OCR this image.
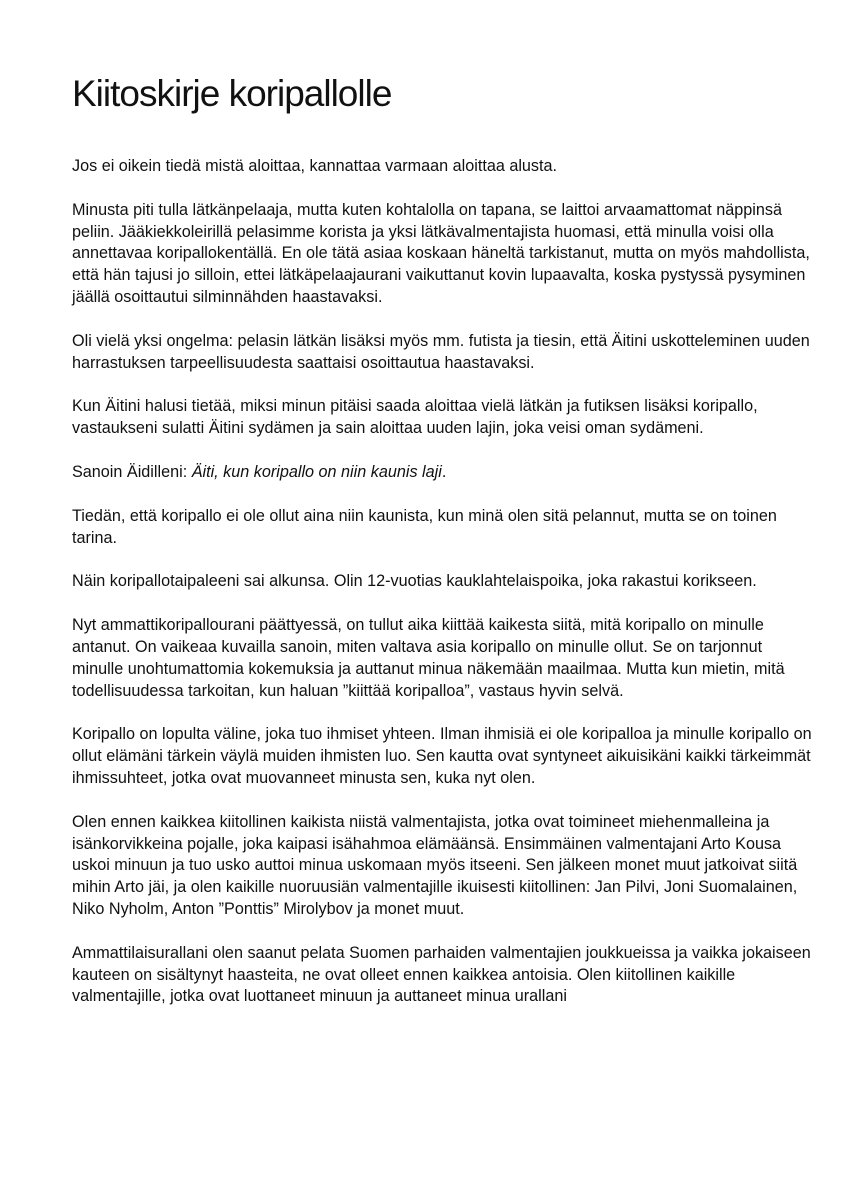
Kiitoskirje koripallolle

Jos ei oikein tiedä mistä aloittaa, kannattaa varmaan aloittaa alusta.

Minusta piti tulla lätkänpelaaja, mutta kuten kohtalolla on tapana, se laittoi arvaamattomat näppinsä peliin. Jääkiekkoleirillä pelasimme korista ja yksi lätkävalmentajista huomasi, että minulla voisi olla annettavaa koripallokentällä. En ole tätä asiaa koskaan häneltä tarkistanut, mutta on myös mahdollista, että hän tajusi jo silloin, ettei lätkäpelaajaurani vaikuttanut kovin lupaavalta, koska pystyssä pysyminen jäällä osoittautui silminnähden haastavaksi.

Oli vielä yksi ongelma: pelasin lätkän lisäksi myös mm. futista ja tiesin, että Äitini uskotteleminen uuden harrastuksen tarpeellisuudesta saattaisi osoittautua haastavaksi.

Kun Äitini halusi tietää, miksi minun pitäisi saada aloittaa vielä lätkän ja futiksen lisäksi koripallo, vastaukseni sulatti Äitini sydämen ja sain aloittaa uuden lajin, joka veisi oman sydämeni.

Sanoin Äidilleni: Äiti, kun koripallo on niin kaunis laji.

Tiedän, että koripallo ei ole ollut aina niin kaunista, kun minä olen sitä pelannut, mutta se on toinen tarina.

Näin koripallotaipaleeni sai alkunsa. Olin 12-vuotias kauklahtelaispoika, joka rakastui korikseen.

Nyt ammattikoripallourani päättyessä, on tullut aika kiittää kaikesta siitä, mitä koripallo on minulle antanut. On vaikeaa kuvailla sanoin, miten valtava asia koripallo on minulle ollut. Se on tarjonnut minulle unohtumattomia kokemuksia ja auttanut minua näkemään maailmaa. Mutta kun mietin, mitä todellisuudessa tarkoitan, kun haluan ”kiittää koripalloa”, vastaus hyvin selvä.

Koripallo on lopulta väline, joka tuo ihmiset yhteen. Ilman ihmisiä ei ole koripalloa ja minulle koripallo on ollut elämäni tärkein väylä muiden ihmisten luo. Sen kautta ovat syntyneet aikuisikäni kaikki tärkeimmät ihmissuhteet, jotka ovat muovanneet minusta sen, kuka nyt olen.

Olen ennen kaikkea kiitollinen kaikista niistä valmentajista, jotka ovat toimineet miehenmalleina ja isänkorvikkeina pojalle, joka kaipasi isähahmoa elämäänsä. Ensimmäinen valmentajani Arto Kousa uskoi minuun ja tuo usko auttoi minua uskomaan myös itseeni. Sen jälkeen monet muut jatkoivat siitä mihin Arto jäi, ja olen kaikille nuoruusiän valmentajille ikuisesti kiitollinen: Jan Pilvi, Joni Suomalainen, Niko Nyholm, Anton ”Ponttis” Mirolybov ja monet muut.

Ammattilaisurallani olen saanut pelata Suomen parhaiden valmentajien joukkueissa ja vaikka jokaiseen kauteen on sisältynyt haasteita, ne ovat olleet ennen kaikkea antoisia. Olen kiitollinen kaikille valmentajille, jotka ovat luottaneet minuun ja auttaneet minua urallani
